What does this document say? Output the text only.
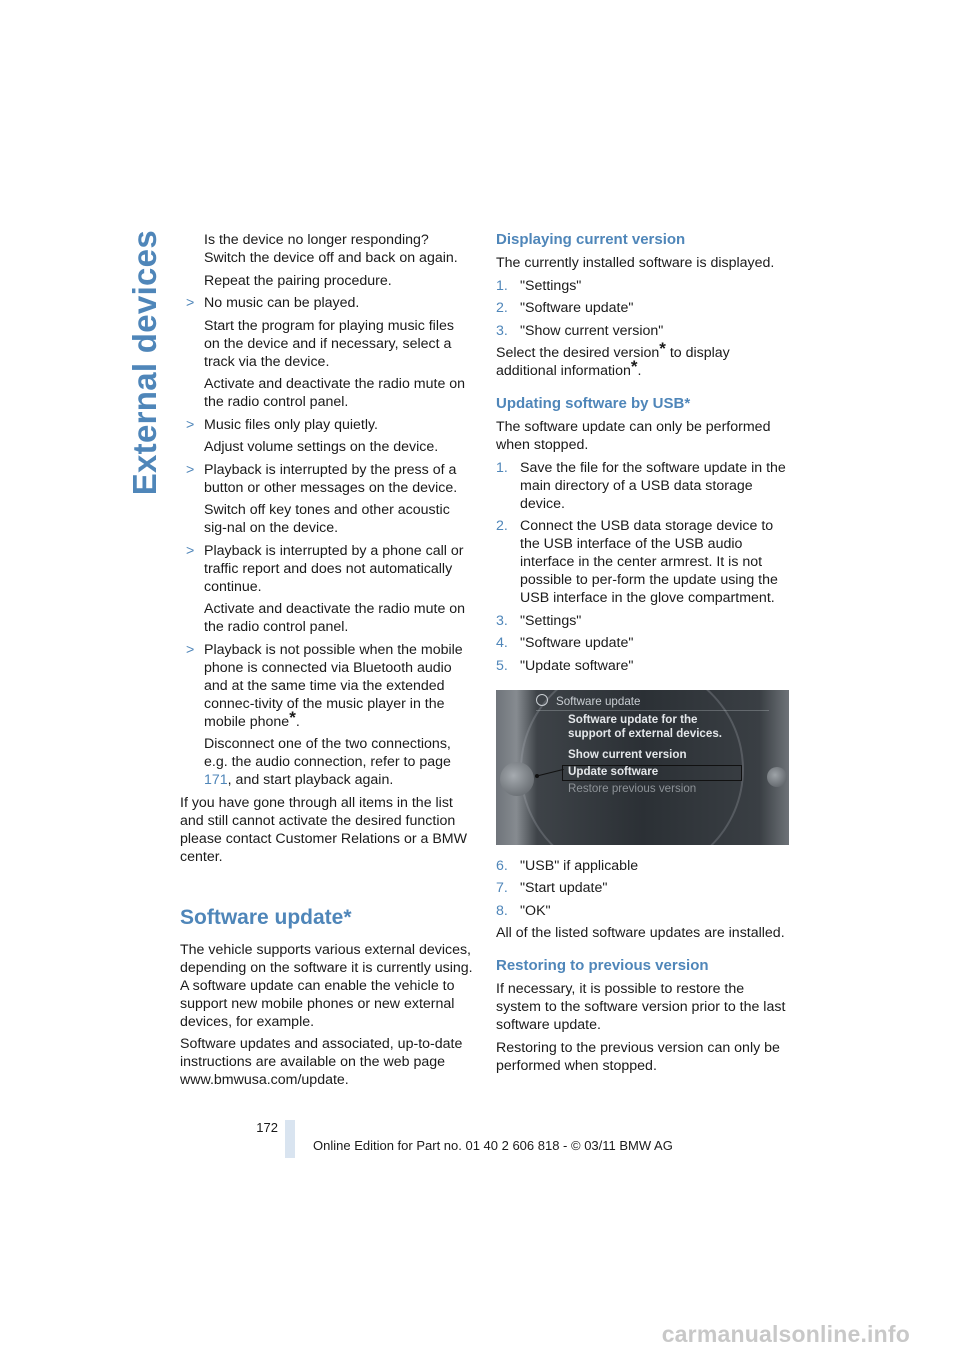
External devices	Is the device no longer responding? Switch the device off and back on again.

Repeat the pairing procedure.

> No music can be played.

Start the program for playing music files on the device and if necessary, select a track via the device.

Activate and deactivate the radio mute on the radio control panel.

> Music files only play quietly.

Adjust volume settings on the device.

> Playback is interrupted by the press of a button or other messages on the device.

Switch off key tones and other acoustic sig-nal on the device.

> Playback is interrupted by a phone call or traffic report and does not automatically continue.

Activate and deactivate the radio mute on the radio control panel.

> Playback is not possible when the mobile phone is connected via Bluetooth audio and at the same time via the extended connec-tivity of the music player in the mobile phone*.

Disconnect one of the two connections, e.g. the audio connection, refer to page 171, and start playback again.

If you have gone through all items in the list and still cannot activate the desired function please contact Customer Relations or a BMW center.

Software update*

The vehicle supports various external devices, depending on the software it is currently using. A software update can enable the vehicle to support new mobile phones or new external devices, for example.

Software updates and associated, up-to-date instructions are available on the web page www.bmwusa.com/update.

Displaying current version

The currently installed software is displayed.

1. "Settings"
2. "Software update"
3. "Show current version"

Select the desired version* to display additional information*.

Updating software by USB*

The software update can only be performed when stopped.

1. Save the file for the software update in the main directory of a USB data storage device.
2. Connect the USB data storage device to the USB interface of the USB audio interface in the center armrest. It is not possible to per-form the update using the USB interface in the glove compartment.
3. "Settings"
4. "Software update"
5. "Update software"
Software update
Software update for the support of external devices.
Show current version
Update software
Restore previous version
6. "USB" if applicable
7. "Start update"
8. "OK"

All of the listed software updates are installed.

Restoring to previous version

If necessary, it is possible to restore the system to the software version prior to the last software update.

Restoring to the previous version can only be performed when stopped.

172
Online Edition for Part no. 01 40 2 606 818 - © 03/11 BMW AG
carmanualsonline.info
